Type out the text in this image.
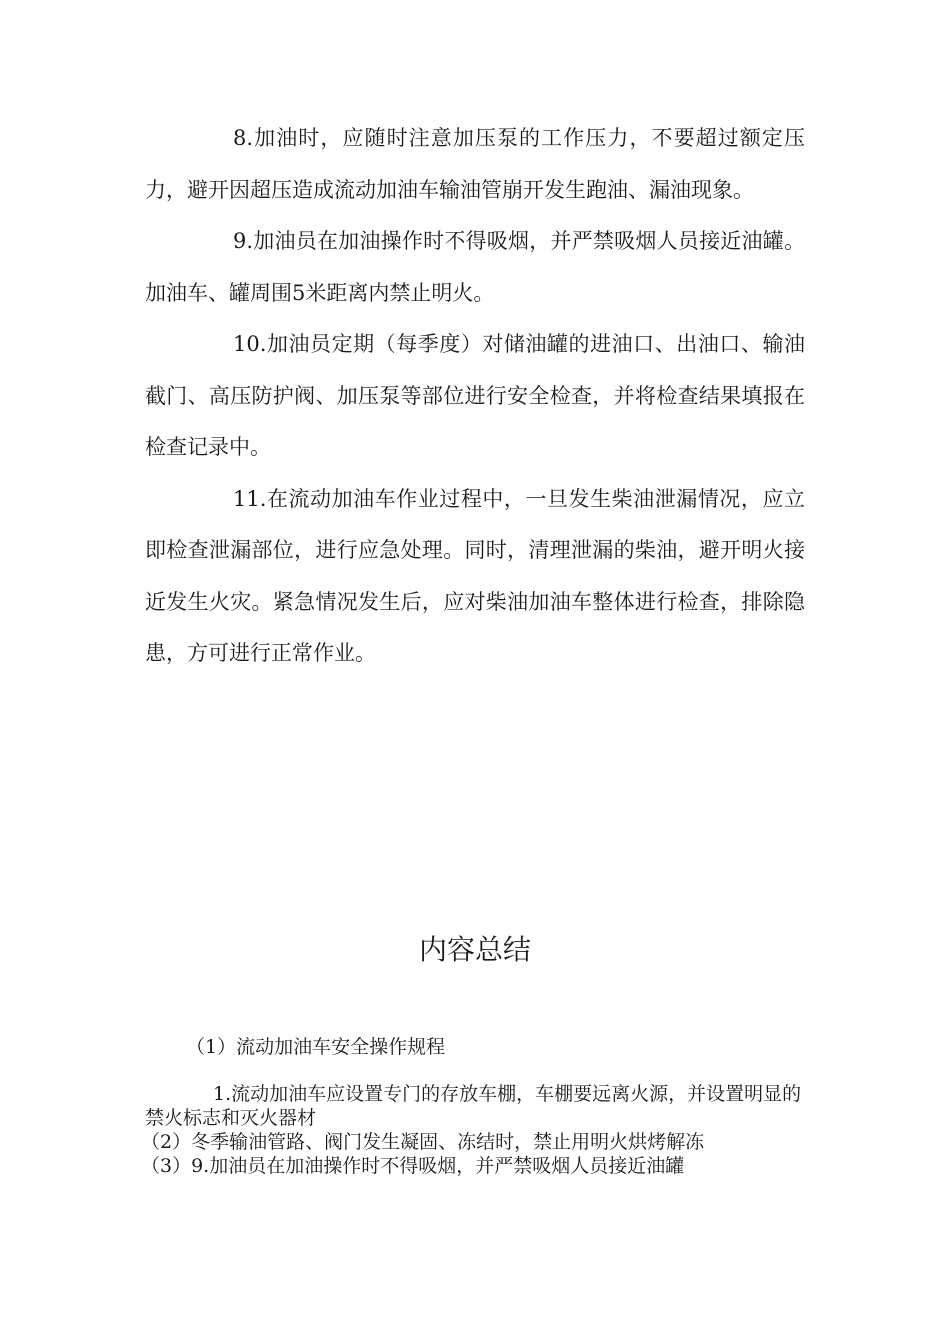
8.加油时，应随时注意加压泵的工作压力，不要超过额定压力，避开因超压造成流动加油车输油管崩开发生跑油、漏油现象。

9.加油员在加油操作时不得吸烟，并严禁吸烟人员接近油罐。加油车、罐周围5米距离内禁止明火。

10.加油员定期（每季度）对储油罐的进油口、出油口、输油截门、高压防护阀、加压泵等部位进行安全检查，并将检查结果填报在检查记录中。

11.在流动加油车作业过程中，一旦发生柴油泄漏情况，应立即检查泄漏部位，进行应急处理。同时，清理泄漏的柴油，避开明火接近发生火灾。紧急情况发生后，应对柴油加油车整体进行检查，排除隐患，方可进行正常作业。

内容总结

（1）流动加油车安全操作规程

1.流动加油车应设置专门的存放车棚，车棚要远离火源，并设置明显的禁火标志和灭火器材

（2）冬季输油管路、阀门发生凝固、冻结时，禁止用明火烘烤解冻

（3）9.加油员在加油操作时不得吸烟，并严禁吸烟人员接近油罐
